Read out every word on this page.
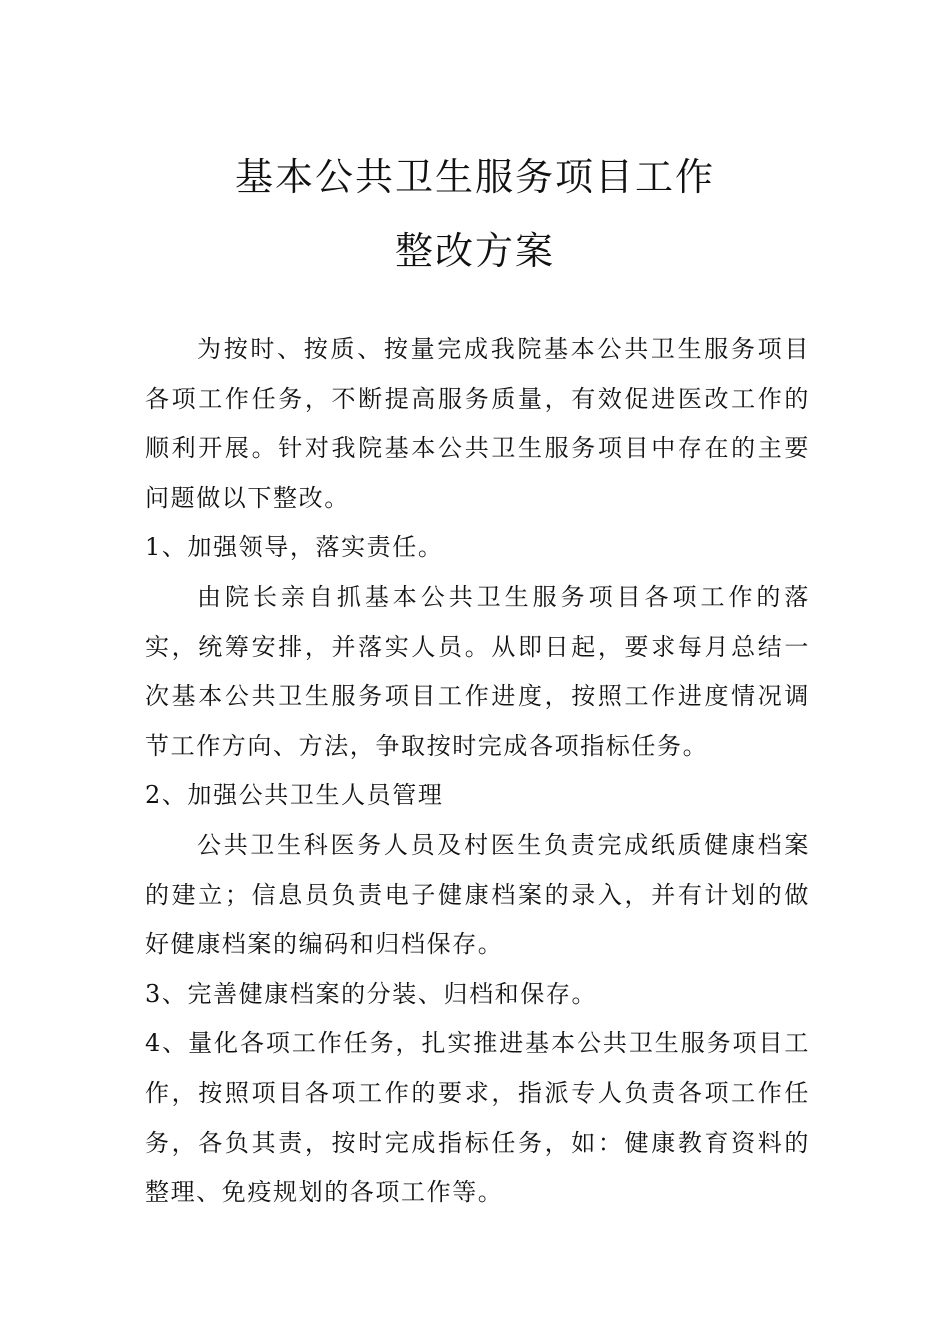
基本公共卫生服务项目工作
整改方案

为按时、按质、按量完成我院基本公共卫生服务项目各项工作任务，不断提高服务质量，有效促进医改工作的顺利开展。针对我院基本公共卫生服务项目中存在的主要问题做以下整改。

1、加强领导，落实责任。

由院长亲自抓基本公共卫生服务项目各项工作的落实，统筹安排，并落实人员。从即日起，要求每月总结一次基本公共卫生服务项目工作进度，按照工作进度情况调节工作方向、方法，争取按时完成各项指标任务。

2、加强公共卫生人员管理

公共卫生科医务人员及村医生负责完成纸质健康档案的建立；信息员负责电子健康档案的录入，并有计划的做好健康档案的编码和归档保存。

3、完善健康档案的分装、归档和保存。

4、量化各项工作任务，扎实推进基本公共卫生服务项目工作，按照项目各项工作的要求，指派专人负责各项工作任务，各负其责，按时完成指标任务，如：健康教育资料的整理、免疫规划的各项工作等。
